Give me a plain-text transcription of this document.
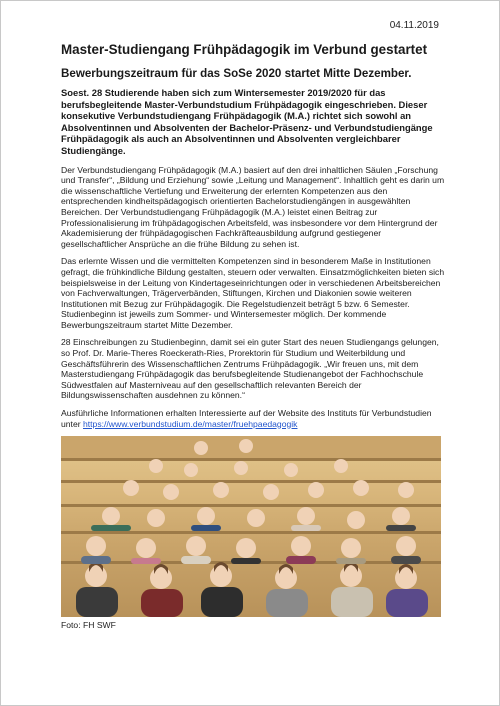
04.11.2019
Master-Studiengang Frühpädagogik im Verbund gestartet
Bewerbungszeitraum für das SoSe 2020 startet Mitte Dezember.

Soest. 28 Studierende haben sich zum Wintersemester 2019/2020 für das berufsbegleitende Master-Verbundstudium Frühpädagogik eingeschrieben. Dieser konsekutive Verbundstudiengang Frühpädagogik (M.A.) richtet sich sowohl an Absolventinnen und Absolventen der Bachelor-Präsenz- und Verbundstudiengänge Frühpädagogik als auch an Absolventinnen und Absolventen vergleichbarer Studiengänge.

Der Verbundstudiengang Frühpädagogik (M.A.) basiert auf den drei inhaltlichen Säulen „Forschung und Transfer“, „Bildung und Erziehung“ sowie „Leitung und Management“. Inhaltlich geht es darin um die wissenschaftliche Vertiefung und Erweiterung der erlernten Kompetenzen aus den entsprechenden kindheitspädagogisch orientierten Bachelorstudiengängen in ausgewählten Bereichen. Der Verbundstudiengang Frühpädagogik (M.A.) leistet einen Beitrag zur Professionalisierung im frühpädagogischen Arbeitsfeld, was insbesondere vor dem Hintergrund der Akademisierung der frühpädagogischen Fachkräfteausbildung aufgrund gestiegener gesellschaftlicher Ansprüche an die frühe Bildung zu sehen ist.

Das erlernte Wissen und die vermittelten Kompetenzen sind in besonderem Maße in Institutionen gefragt, die frühkindliche Bildung gestalten, steuern oder verwalten. Einsatzmöglichkeiten bieten sich beispielsweise in der Leitung von Kindertageseinrichtungen oder in verschiedenen Arbeitsbereichen von Fachverwaltungen, Trägerverbänden, Stiftungen, Kirchen und Diakonien sowie weiteren Institutionen mit Bezug zur Frühpädagogik. Die Regelstudienzeit beträgt 5 bzw. 6 Semester. Studienbeginn ist jeweils zum Sommer- und Wintersemester möglich. Der kommende Bewerbungszeitraum startet Mitte Dezember.

28 Einschreibungen zu Studienbeginn, damit sei ein guter Start des neuen Studiengangs gelungen, so Prof. Dr. Marie-Theres Roeckerath-Ries, Prorektorin für Studium und Weiterbildung und Geschäftsführerin des Wissenschaftlichen Zentrums Frühpädagogik. „Wir freuen uns, mit dem Masterstudiengang Frühpädagogik das berufsbegleitende Studienangebot der Fachhochschule Südwestfalen auf Masterniveau auf den gesellschaftlich relevanten Bereich der Bildungswissenschaften ausdehnen zu können.“

Ausführliche Informationen erhalten Interessierte auf der Website des Instituts für Verbundstudien unter https://www.verbundstudium.de/master/fruehpaedagogik

Foto: FH SWF
